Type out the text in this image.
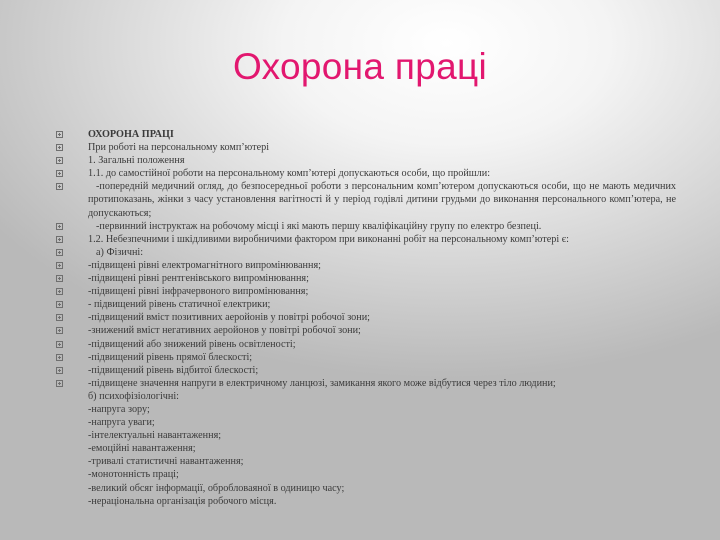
Охорона праці
ОХОРОНА ПРАЦІ
При роботі на персональному комп’ютері
1. Загальні положення
1.1. до самостійної роботи на персональному комп’ютері допускаються особи, що пройшли:
-попередній медичний огляд, до безпосередньої роботи з персональним комп’ютером допускаються особи, що не мають медичних протипоказань, жінки з часу установлення вагітності й у період годівлі дитини грудьми до виконання персонального комп’ютера, не допускаються;
-первинний інструктаж на робочому місці і які мають першу кваліфікаційну групу по електро безпеці.
1.2. Небезпечними і шкідливими виробничими фактором при виконанні робіт на персональному комп’ютері є:
а) Фізичні:
-підвищені рівні електромагнітного випромінювання;
-підвищені рівні рентгенівського випромінювання;
-підвищені рівні інфрачервоного випромінювання;
- підвищений рівень статичної електрики;
-підвищений вміст позитивних аеройонів у повітрі робочої зони;
-знижений вміст негативних аеройонов у повітрі робочої зони;
-підвищений або знижений рівень освітленості;
-підвищений рівень прямої блескості;
-підвищений рівень відбитої блескості;
-підвищене значення напруги в електричному ланцюзі, замикання якого може відбутися через тіло людини;
б) психофізіологічні:
-напруга зору;
-напруга уваги;
-інтелектуальні навантаження;
-емоційні навантаження;
-тривалі статистичні навантаження;
-монотонність праці;
-великий обсяг інформації, обробловаяної в одиницю часу;
-нераціональна організація робочого місця.
